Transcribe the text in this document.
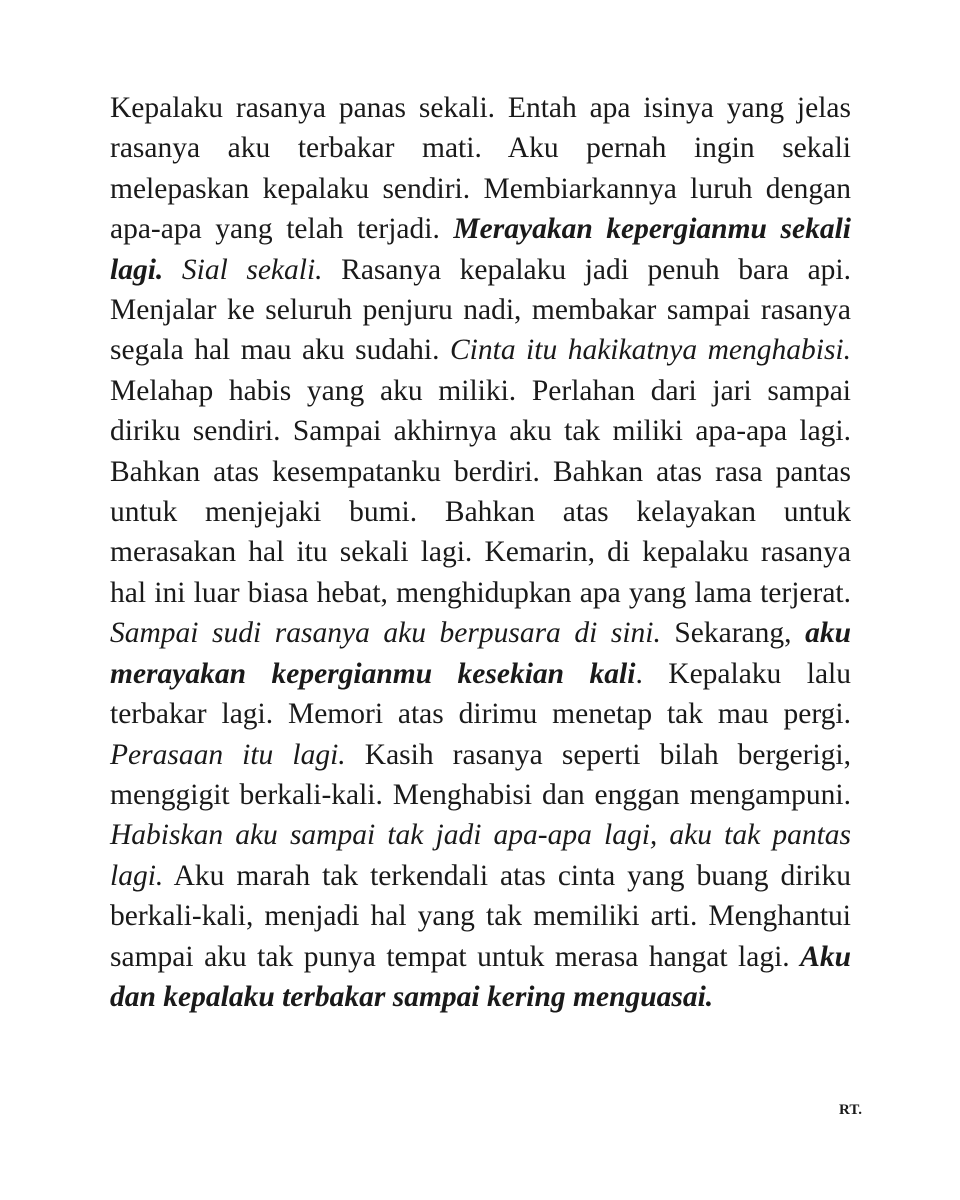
Kepalaku rasanya panas sekali. Entah apa isinya yang jelas rasanya aku terbakar mati. Aku pernah ingin sekali melepaskan kepalaku sendiri. Membiarkannya luruh dengan apa-apa yang telah terjadi. Merayakan kepergianmu sekali lagi. Sial sekali. Rasanya kepalaku jadi penuh bara api. Menjalar ke seluruh penjuru nadi, membakar sampai rasanya segala hal mau aku sudahi. Cinta itu hakikatnya menghabisi. Melahap habis yang aku miliki. Perlahan dari jari sampai diriku sendiri. Sampai akhirnya aku tak miliki apa-apa lagi. Bahkan atas kesempatanku berdiri. Bahkan atas rasa pantas untuk menjejaki bumi. Bahkan atas kelayakan untuk merasakan hal itu sekali lagi. Kemarin, di kepalaku rasanya hal ini luar biasa hebat, menghidupkan apa yang lama terjerat. Sampai sudi rasanya aku berpusara di sini. Sekarang, aku merayakan kepergianmu kesekian kali. Kepalaku lalu terbakar lagi. Memori atas dirimu menetap tak mau pergi. Perasaan itu lagi. Kasih rasanya seperti bilah bergerigi, menggigit berkali-kali. Menghabisi dan enggan mengampuni. Habiskan aku sampai tak jadi apa-apa lagi, aku tak pantas lagi. Aku marah tak terkendali atas cinta yang buang diriku berkali-kali, menjadi hal yang tak memiliki arti. Menghantui sampai aku tak punya tempat untuk merasa hangat lagi. Aku dan kepalaku terbakar sampai kering menguasai.

RT.
